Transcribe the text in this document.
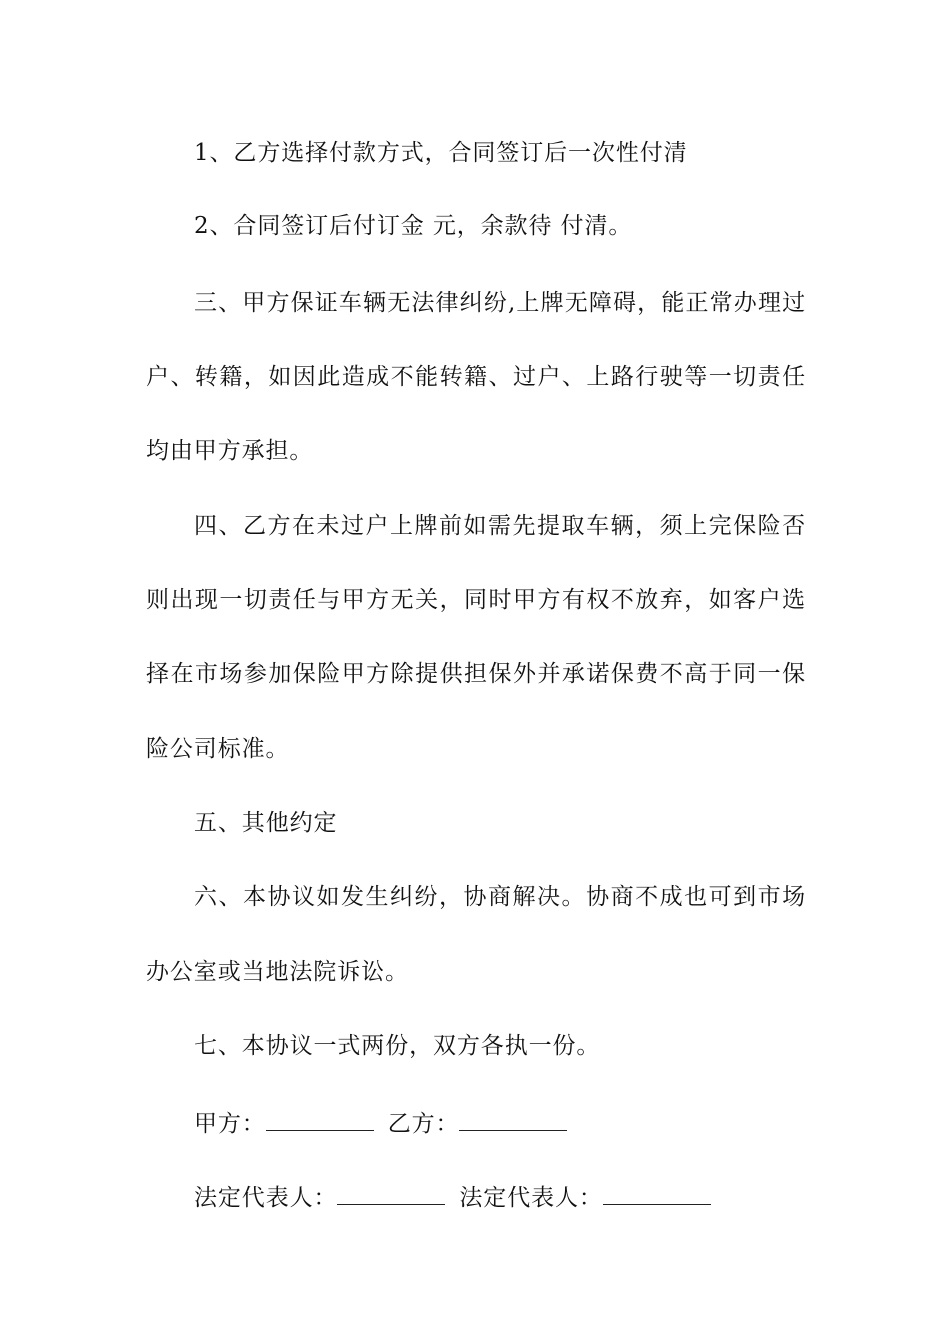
1、乙方选择付款方式，合同签订后一次性付清
2、合同签订后付订金 元，余款待 付清。
三、甲方保证车辆无法律纠纷,上牌无障碍，能正常办理过
户、转籍，如因此造成不能转籍、过户、上路行驶等一切责任
均由甲方承担。
四、乙方在未过户上牌前如需先提取车辆，须上完保险否
则出现一切责任与甲方无关，同时甲方有权不放弃，如客户选
择在市场参加保险甲方除提供担保外并承诺保费不高于同一保
险公司标准。
五、其他约定
六、本协议如发生纠纷，协商解决。协商不成也可到市场
办公室或当地法院诉讼。
七、本协议一式两份，双方各执一份。
甲方：	乙方：
法定代表人：	法定代表人：
